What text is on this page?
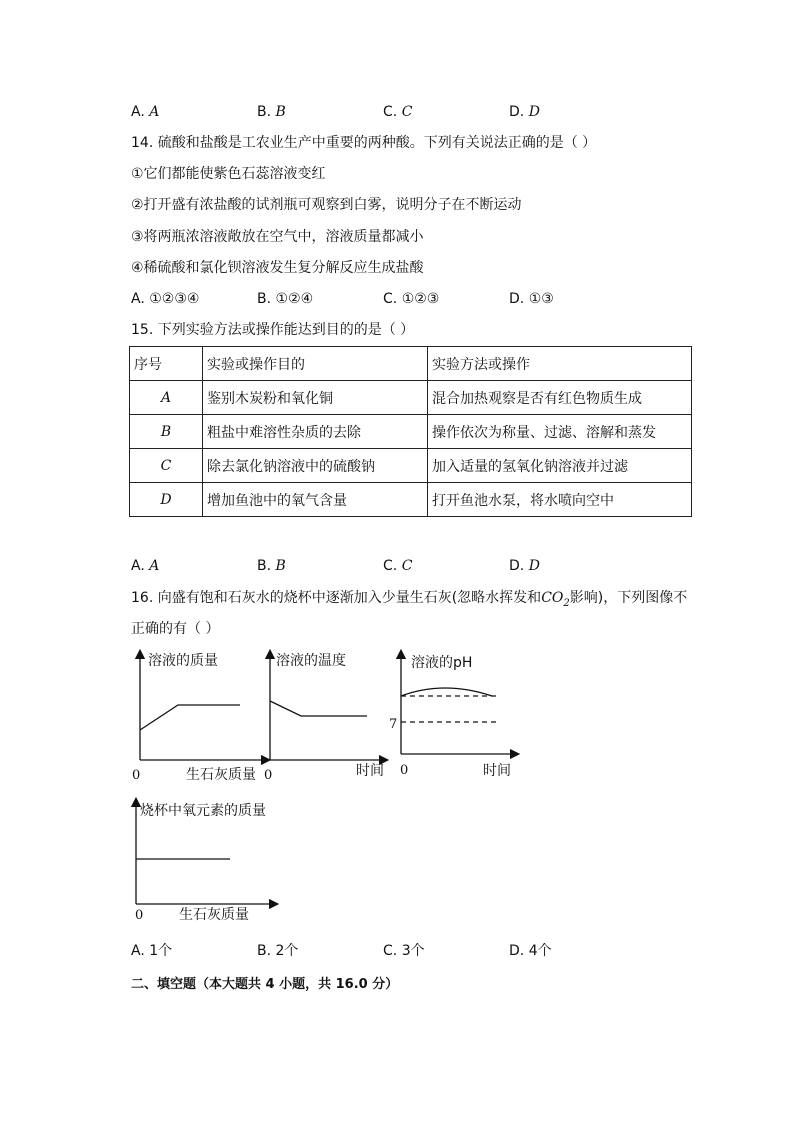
A. A	B. B	C. C	D. D
14. 硫酸和盐酸是工农业生产中重要的两种酸。下列有关说法正确的是（ ）
①它们都能使紫色石蕊溶液变红
②打开盛有浓盐酸的试剂瓶可观察到白雾，说明分子在不断运动
③将两瓶浓溶液敞放在空气中，溶液质量都减小
④稀硫酸和氯化钡溶液发生复分解反应生成盐酸
A. ①②③④	B. ①②④	C. ①②③	D. ①③
15. 下列实验方法或操作能达到目的的是（ ）
序号	实验或操作目的	实验方法或操作
A	鉴别木炭粉和氧化铜	混合加热观察是否有红色物质生成
B	粗盐中难溶性杂质的去除	操作依次为称量、过滤、溶解和蒸发
C	除去氯化钠溶液中的硫酸钠	加入适量的氢氧化钠溶液并过滤
D	增加鱼池中的氧气含量	打开鱼池水泵，将水喷向空中
A. A	B. B	C. C	D. D
16. 向盛有饱和石灰水的烧杯中逐渐加入少量生石灰(忽略水挥发和$CO_2$影响)，下列图像不
正确的有（ ）
溶液的质量
0	生石灰质量
溶液的温度
0	时间
溶液的pH
7
0	时间
烧杯中氧元素的质量
0	生石灰质量
A. 1个	B. 2个	C. 3个	D. 4个
二、填空题（本大题共 4 小题，共 16.0 分）
